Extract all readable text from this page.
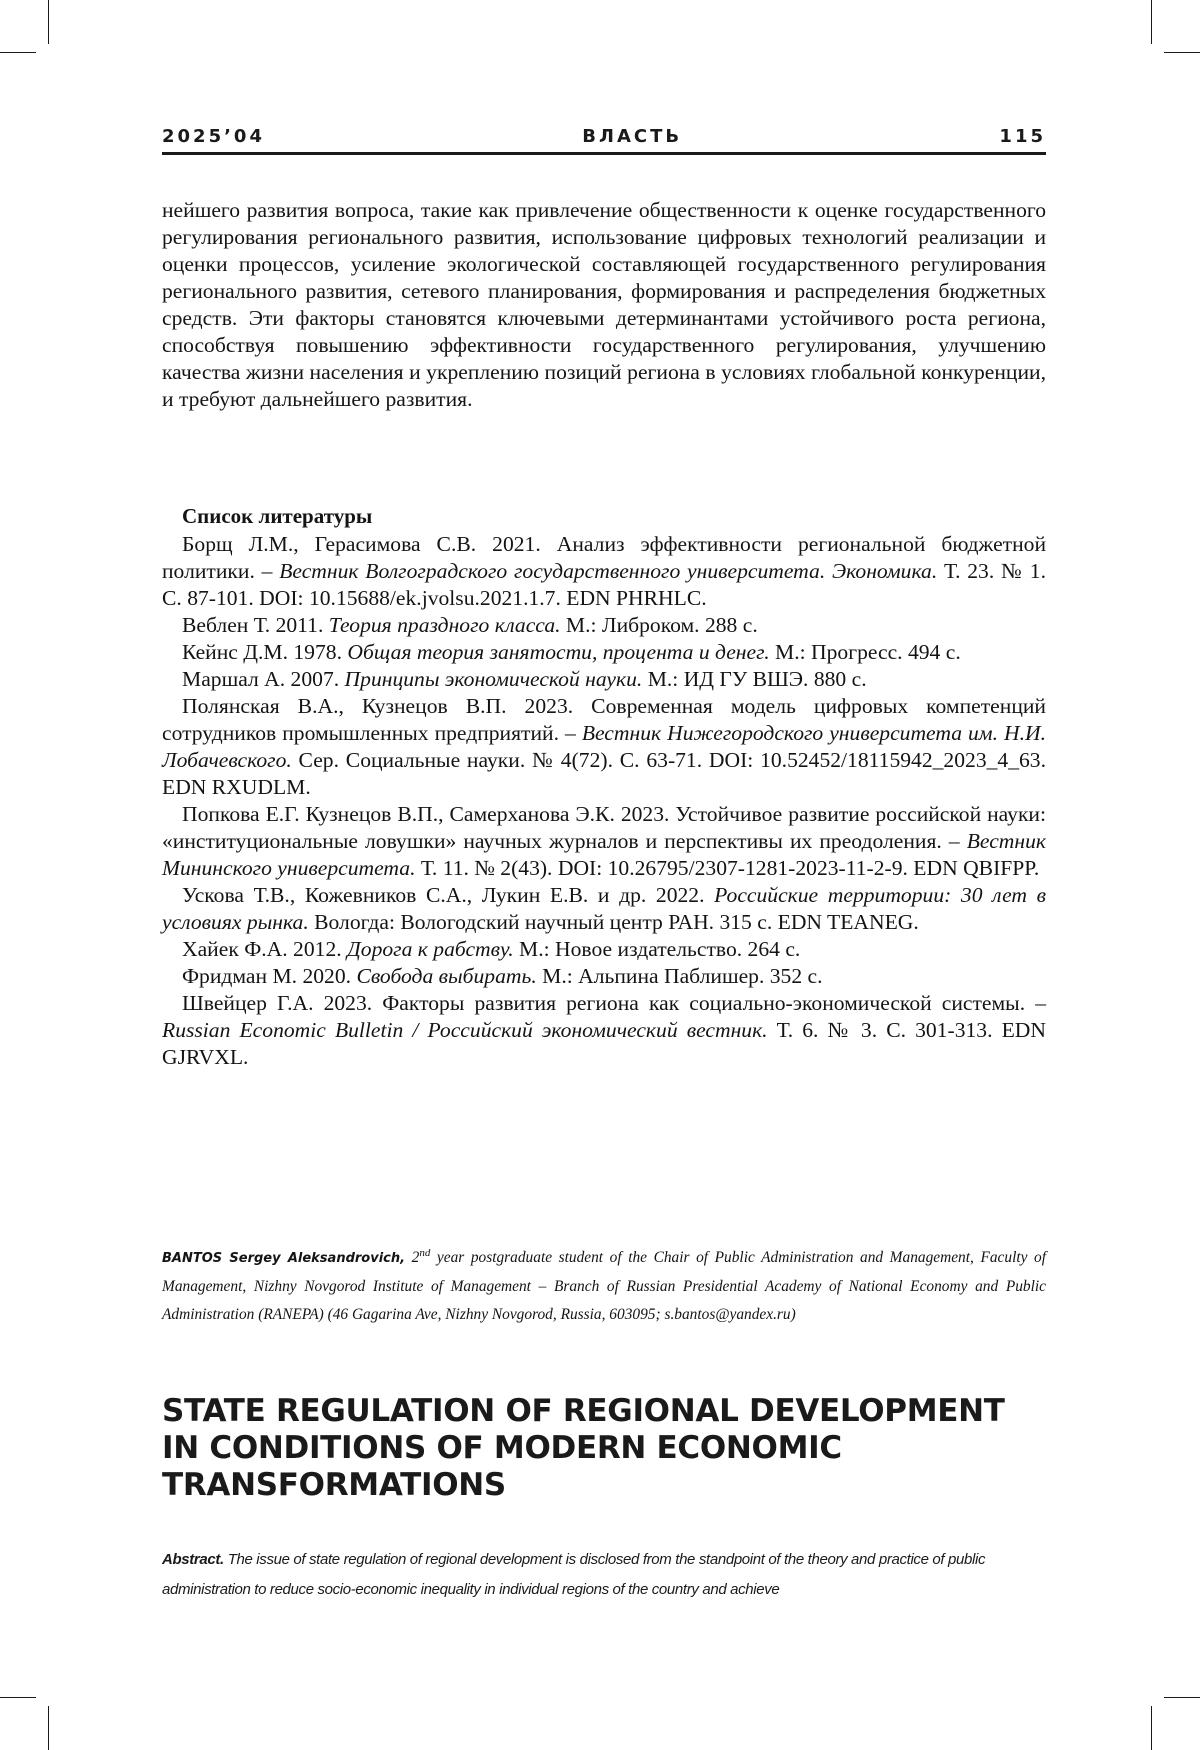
2025’04	ВЛАСТЬ	115

нейшего развития вопроса, такие как привлечение общественности к оценке государственного регулирования регионального развития, использование цифровых технологий реализации и оценки процессов, усиление экологи­ческой составляющей государственного регулирования регионального раз­вития, сетевого планирования, формирования и распределения бюджетных средств. Эти факторы становятся ключевыми детерминантами устойчивого роста региона, способствуя повышению эффективности государственного регулирования, улучшению качества жизни населения и укреплению пози­ций региона в условиях глобальной конкуренции, и требуют дальнейшего развития.

Список литературы
Борщ Л.М., Герасимова С.В. 2021. Анализ эффективности региональной бюджетной политики. – Вестник Волгоградского государственного университета. Экономика. Т. 23. № 1. С. 87-101. DOI: 10.15688/ek.jvolsu.2021.1.7. EDN PHRHLC.
Веблен Т. 2011. Теория праздного класса. М.: Либроком. 288 с.
Кейнс Д.М. 1978. Общая теория занятости, процента и денег. М.: Прогресс. 494 с.
Маршал А. 2007. Принципы экономической науки. М.: ИД ГУ ВШЭ. 880 с.
Полянская В.А., Кузнецов В.П. 2023. Современная модель цифровых компетенций сотрудников промышленных предприятий. – Вестник Нижегородского университета им. Н.И. Лобачевского. Сер. Социальные науки. № 4(72). С. 63-71. DOI: 10.52452/18115942_2023_4_63. EDN RXUDLM.
Попкова Е.Г. Кузнецов В.П., Самерханова Э.К. 2023. Устойчивое развитие российской науки: «институциональные ловушки» научных журналов и перспективы их преодоления. – Вестник Мининского университета. Т. 11. № 2(43). DOI: 10.26795/2307-1281-2023-11-2-9. EDN QBIFPP.
Ускова Т.В., Кожевников С.А., Лукин Е.В. и др. 2022. Российские территории: 30 лет в условиях рынка. Вологда: Вологодский научный центр РАН. 315 с. EDN TEANEG.
Хайек Ф.А. 2012. Дорога к рабству. М.: Новое издательство. 264 с.
Фридман М. 2020. Свобода выбирать. М.: Альпина Паблишер. 352 с.
Швейцер Г.А. 2023. Факторы развития региона как социально-экономической системы. – Russian Economic Bulletin / Российский экономический вестник. Т. 6. № 3. С. 301-313. EDN GJRVXL.

BANTOS Sergey Aleksandrovich, 2nd year postgraduate student of the Chair of Public Administration and Management, Faculty of Management, Nizhny Novgorod Institute of Management – Branch of Russian Presidential Academy of National Economy and Public Administration (RANEPA) (46 Gagarina Ave, Nizhny Novgorod, Russia, 603095; s.bantos@yandex.ru)

STATE REGULATION OF REGIONAL DEVELOPMENT
IN CONDITIONS OF MODERN ECONOMIC
TRANSFORMATIONS

Abstract. The issue of state regulation of regional development is disclosed from the standpoint of the theory and practice of public administration to reduce socio-economic inequality in individual regions of the country and achieve
